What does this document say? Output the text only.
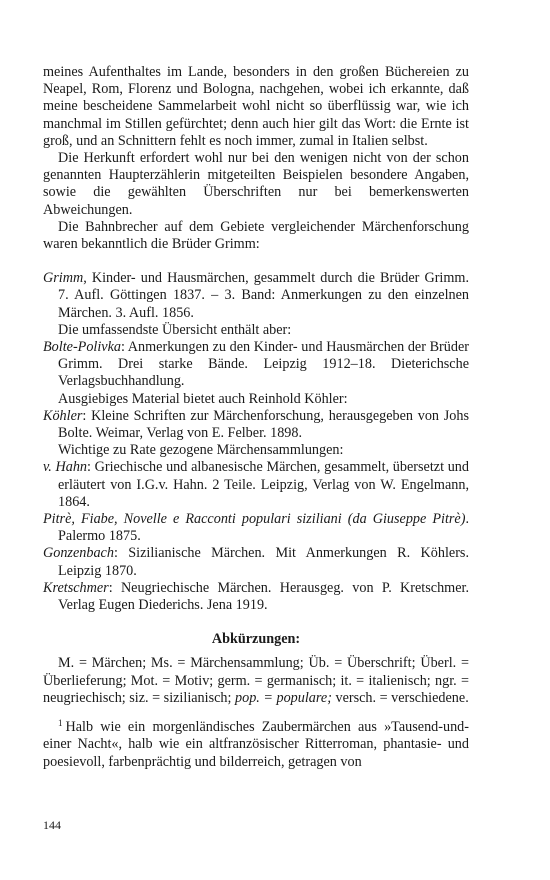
meines Aufenthaltes im Lande, besonders in den großen Büchereien zu Neapel, Rom, Florenz und Bologna, nachgehen, wobei ich erkannte, daß meine bescheidene Sammelarbeit wohl nicht so überflüssig war, wie ich manchmal im Stillen gefürchtet; denn auch hier gilt das Wort: die Ernte ist groß, und an Schnittern fehlt es noch immer, zumal in Italien selbst.

Die Herkunft erfordert wohl nur bei den wenigen nicht von der schon genannten Haupterzählerin mitgeteilten Beispielen besondere Angaben, sowie die gewählten Überschriften nur bei bemerkenswerten Abweichungen.

Die Bahnbrecher auf dem Gebiete vergleichender Märchenforschung waren bekanntlich die Brüder Grimm:

Grimm, Kinder- und Hausmärchen, gesammelt durch die Brüder Grimm. 7. Aufl. Göttingen 1837. – 3. Band: Anmerkungen zu den einzelnen Märchen. 3. Aufl. 1856.

Die umfassendste Übersicht enthält aber:

Bolte-Polivka: Anmerkungen zu den Kinder- und Hausmärchen der Brüder Grimm. Drei starke Bände. Leipzig 1912–18. Dieterichsche Verlagsbuchhandlung.

Ausgiebiges Material bietet auch Reinhold Köhler:

Köhler: Kleine Schriften zur Märchenforschung, herausgegeben von Johs Bolte. Weimar, Verlag von E. Felber. 1898.

Wichtige zu Rate gezogene Märchensammlungen:

v. Hahn: Griechische und albanesische Märchen, gesammelt, übersetzt und erläutert von I.G.v. Hahn. 2 Teile. Leipzig, Verlag von W. Engelmann, 1864.

Pitrè, Fiabe, Novelle e Racconti populari siziliani (da Giuseppe Pitrè). Palermo 1875.

Gonzenbach: Sizilianische Märchen. Mit Anmerkungen R. Köhlers. Leipzig 1870.

Kretschmer: Neugriechische Märchen. Herausgeg. von P. Kretschmer. Verlag Eugen Diederichs. Jena 1919.

Abkürzungen:

M. = Märchen; Ms. = Märchensammlung; Üb. = Überschrift; Überl. = Überlieferung; Mot. = Motiv; germ. = germanisch; it. = italienisch; ngr. = neugriechisch; siz. = sizilianisch; pop. = populare; versch. = verschiedene.

$^1$ Halb wie ein morgenländisches Zaubermärchen aus »Tausend-und-einer Nacht«, halb wie ein altfranzösischer Ritterroman, phantasie- und poesievoll, farbenprächtig und bilderreich, getragen von

144
